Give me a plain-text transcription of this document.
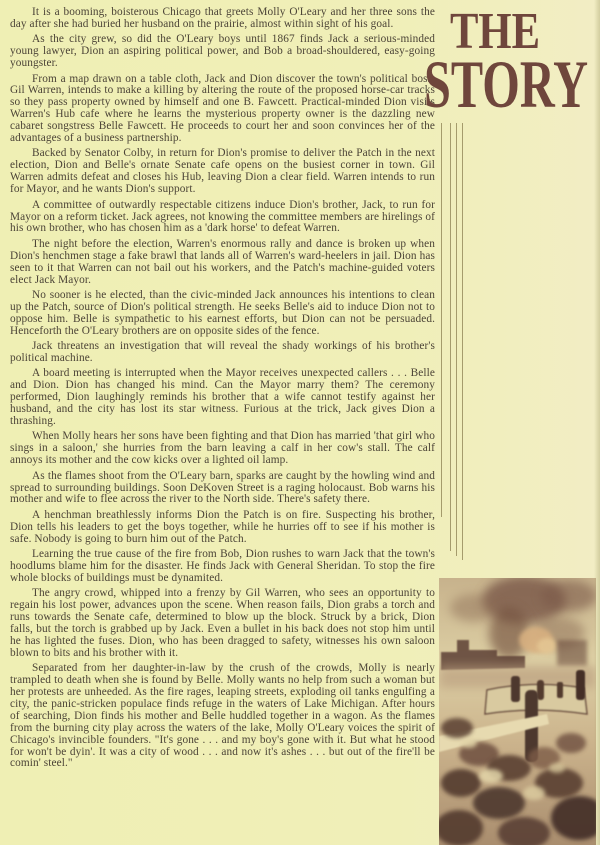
It is a booming, boisterous Chicago that greets Molly O'Leary and her three sons the day after she had buried her husband on the prairie, almost within sight of his goal.

As the city grew, so did the O'Leary boys until 1867 finds Jack a serious-minded young lawyer, Dion an aspiring political power, and Bob a broad-shouldered, easy-going youngster.

From a map drawn on a table cloth, Jack and Dion discover the town's political boss, Gil Warren, intends to make a killing by altering the route of the proposed horse-car tracks so they pass property owned by himself and one B. Fawcett. Practical-minded Dion visits Warren's Hub cafe where he learns the mysterious property owner is the dazzling new cabaret songstress Belle Fawcett. He proceeds to court her and soon convinces her of the advantages of a business partnership.

Backed by Senator Colby, in return for Dion's promise to deliver the Patch in the next election, Dion and Belle's ornate Senate cafe opens on the busiest corner in town. Gil Warren admits defeat and closes his Hub, leaving Dion a clear field. Warren intends to run for Mayor, and he wants Dion's support.

A committee of outwardly respectable citizens induce Dion's brother, Jack, to run for Mayor on a reform ticket. Jack agrees, not knowing the committee members are hirelings of his own brother, who has chosen him as a 'dark horse' to defeat Warren.

The night before the election, Warren's enormous rally and dance is broken up when Dion's henchmen stage a fake brawl that lands all of Warren's ward-heelers in jail. Dion has seen to it that Warren can not bail out his workers, and the Patch's machine-guided voters elect Jack Mayor.

No sooner is he elected, than the civic-minded Jack announces his intentions to clean up the Patch, source of Dion's political strength. He seeks Belle's aid to induce Dion not to oppose him. Belle is sympathetic to his earnest efforts, but Dion can not be persuaded. Henceforth the O'Leary brothers are on opposite sides of the fence.

Jack threatens an investigation that will reveal the shady workings of his brother's political machine.

A board meeting is interrupted when the Mayor receives unexpected callers . . . Belle and Dion. Dion has changed his mind. Can the Mayor marry them? The ceremony performed, Dion laughingly reminds his brother that a wife cannot testify against her husband, and the city has lost its star witness. Furious at the trick, Jack gives Dion a thrashing.

When Molly hears her sons have been fighting and that Dion has married 'that girl who sings in a saloon,' she hurries from the barn leaving a calf in her cow's stall. The calf annoys its mother and the cow kicks over a lighted oil lamp.

As the flames shoot from the O'Leary barn, sparks are caught by the howling wind and spread to surrounding buildings. Soon DeKoven Street is a raging holocaust. Bob warns his mother and wife to flee across the river to the North side. There's safety there.

A henchman breathlessly informs Dion the Patch is on fire. Suspecting his brother, Dion tells his leaders to get the boys together, while he hurries off to see if his mother is safe. Nobody is going to burn him out of the Patch.

Learning the true cause of the fire from Bob, Dion rushes to warn Jack that the town's hoodlums blame him for the disaster. He finds Jack with General Sheridan. To stop the fire whole blocks of buildings must be dynamited.

The angry crowd, whipped into a frenzy by Gil Warren, who sees an opportunity to regain his lost power, advances upon the scene. When reason fails, Dion grabs a torch and runs towards the Senate cafe, determined to blow up the block. Struck by a brick, Dion falls, but the torch is grabbed up by Jack. Even a bullet in his back does not stop him until he has lighted the fuses. Dion, who has been dragged to safety, witnesses his own saloon blown to bits and his brother with it.

Separated from her daughter-in-law by the crush of the crowds, Molly is nearly trampled to death when she is found by Belle. Molly wants no help from such a woman but her protests are unheeded. As the fire rages, leaping streets, exploding oil tanks engulfing a city, the panic-stricken populace finds refuge in the waters of Lake Michigan. After hours of searching, Dion finds his mother and Belle huddled together in a wagon. As the flames from the burning city play across the waters of the lake, Molly O'Leary voices the spirit of Chicago's invincible founders. "It's gone . . . and my boy's gone with it. But what he stood for won't be dyin'. It was a city of wood . . . and now it's ashes . . . but out of the fire'll be comin' steel."

THE
STORY
